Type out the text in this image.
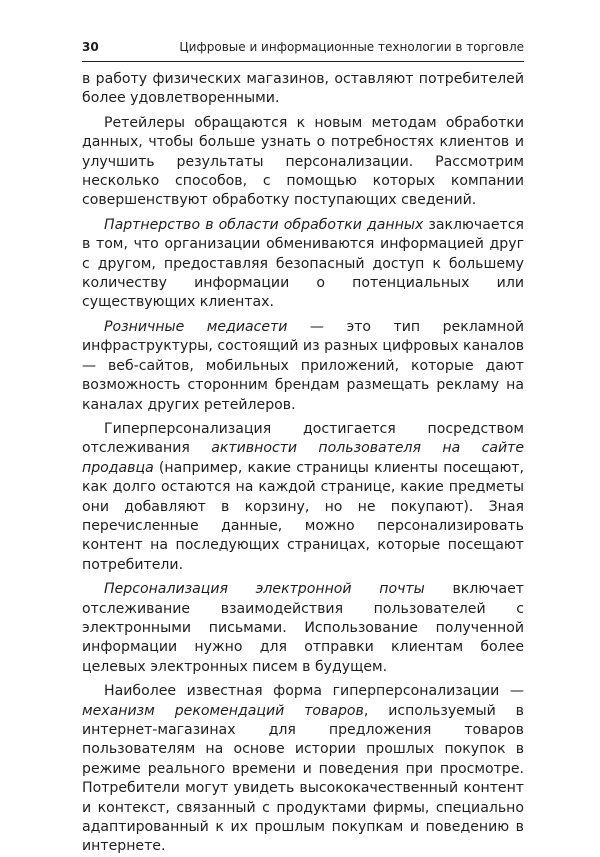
30	Цифровые и информационные технологии в торговле

в работу физических магазинов, оставляют потребителей более удовлетворенными.

Ретейлеры обращаются к новым методам обработки данных, чтобы больше узнать о потребностях клиентов и улучшить результаты персонализации. Рассмотрим несколько способов, с помощью которых компании совершенствуют обработку поступающих сведений.

Партнерство в области обработки данных заключается в том, что организации обмениваются информацией друг с другом, предоставляя безопасный доступ к большему количеству информации о потенциальных или существующих клиентах.

Розничные медиасети — это тип рекламной инфраструктуры, состоящий из разных цифровых каналов — веб-сайтов, мобильных приложений, которые дают возможность сторонним брендам размещать рекламу на каналах других ретейлеров.

Гиперперсонализация достигается посредством отслеживания активности пользователя на сайте продавца (например, какие страницы клиенты посещают, как долго остаются на каждой странице, какие предметы они добавляют в корзину, но не покупают). Зная перечисленные данные, можно персонализировать контент на последующих страницах, которые посещают потребители.

Персонализация электронной почты включает отслеживание взаимодействия пользователей с электронными письмами. Использование полученной информации нужно для отправки клиентам более целевых электронных писем в будущем.

Наиболее известная форма гиперперсонализации — механизм рекомендаций товаров, используемый в интернет-магазинах для предложения товаров пользователям на основе истории прошлых покупок в режиме реального времени и поведения при просмотре. Потребители могут увидеть высококачественный контент и контекст, связанный с продуктами фирмы, специально адаптированный к их прошлым покупкам и поведению в интернете.
